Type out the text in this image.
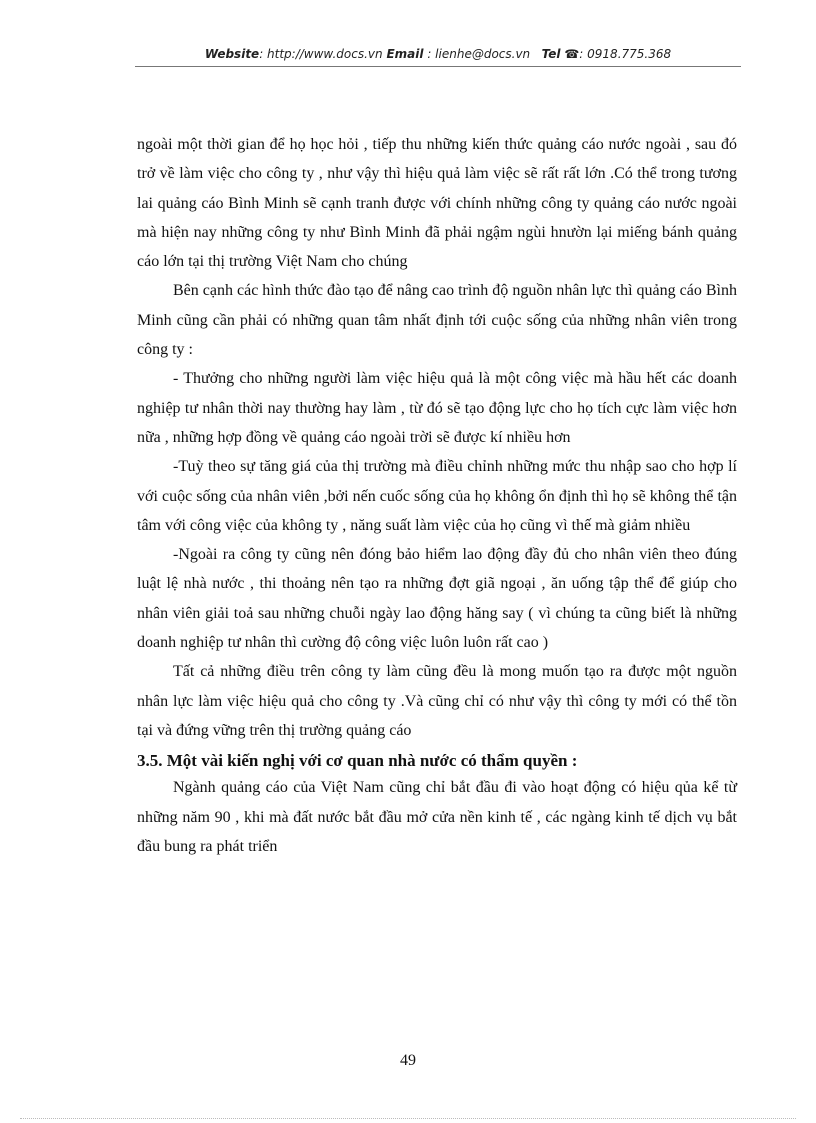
Website: http://www.docs.vn Email : lienhe@docs.vn Tel ☎: 0918.775.368

ngoài một thời gian để họ học hỏi , tiếp thu những kiến thức quảng cáo nước ngoài , sau đó trở về làm việc cho công ty , như vậy thì hiệu quả làm việc sẽ rất rất lớn .Có thể trong tương lai quảng cáo Bình Minh sẽ cạnh tranh được với chính những công ty quảng cáo nước ngoài mà hiện nay những công ty như Bình Minh đã phải ngậm ngùi hnườn lại miếng bánh quảng cáo lớn tại thị trường Việt Nam cho chúng

Bên cạnh các hình thức đào tạo để nâng cao trình độ nguồn nhân lực thì quảng cáo Bình Minh cũng cần phải có những quan tâm nhất định tới cuộc sống của những nhân viên trong công ty :

- Thưởng cho những người làm việc hiệu quả là một công việc mà hầu hết các doanh nghiệp tư nhân thời nay thường hay làm , từ đó sẽ tạo động lực cho họ tích cực làm việc hơn nữa , những hợp đồng về quảng cáo ngoài trời sẽ được kí nhiều hơn

-Tuỳ theo sự tăng giá của thị trường mà điều chỉnh những mức thu nhập sao cho hợp lí với cuộc sống của nhân viên ,bởi nến cuốc sống của họ không ổn định thì họ sẽ không thể tận tâm với công việc của không ty , năng suất làm việc của họ cũng vì thế mà giảm nhiều

-Ngoài ra công ty cũng nên đóng bảo hiểm lao động đầy đủ cho nhân viên theo đúng luật lệ nhà nước , thi thoảng nên tạo ra những đợt giã ngoại , ăn uống tập thể để giúp cho nhân viên giải toả sau những chuỗi ngày lao động hăng say ( vì chúng ta cũng biết là những doanh nghiệp tư nhân thì cường độ công việc luôn luôn rất cao )

Tất cả những điều trên công ty làm cũng đều là mong muốn tạo ra được một nguồn nhân lực làm việc hiệu quả cho công ty .Và cũng chỉ có như vậy thì công ty mới có thể tồn tại và đứng vững trên thị trường quảng cáo

3.5. Một vài kiến nghị với cơ quan nhà nước có thẩm quyền :

Ngành quảng cáo của Việt Nam cũng chỉ bắt đầu đi vào hoạt động có hiệu qủa kể từ những năm 90 , khi mà đất nước bắt đầu mở cửa nền kinh tế , các ngàng kinh tế dịch vụ bắt đầu bung ra phát triển

49
